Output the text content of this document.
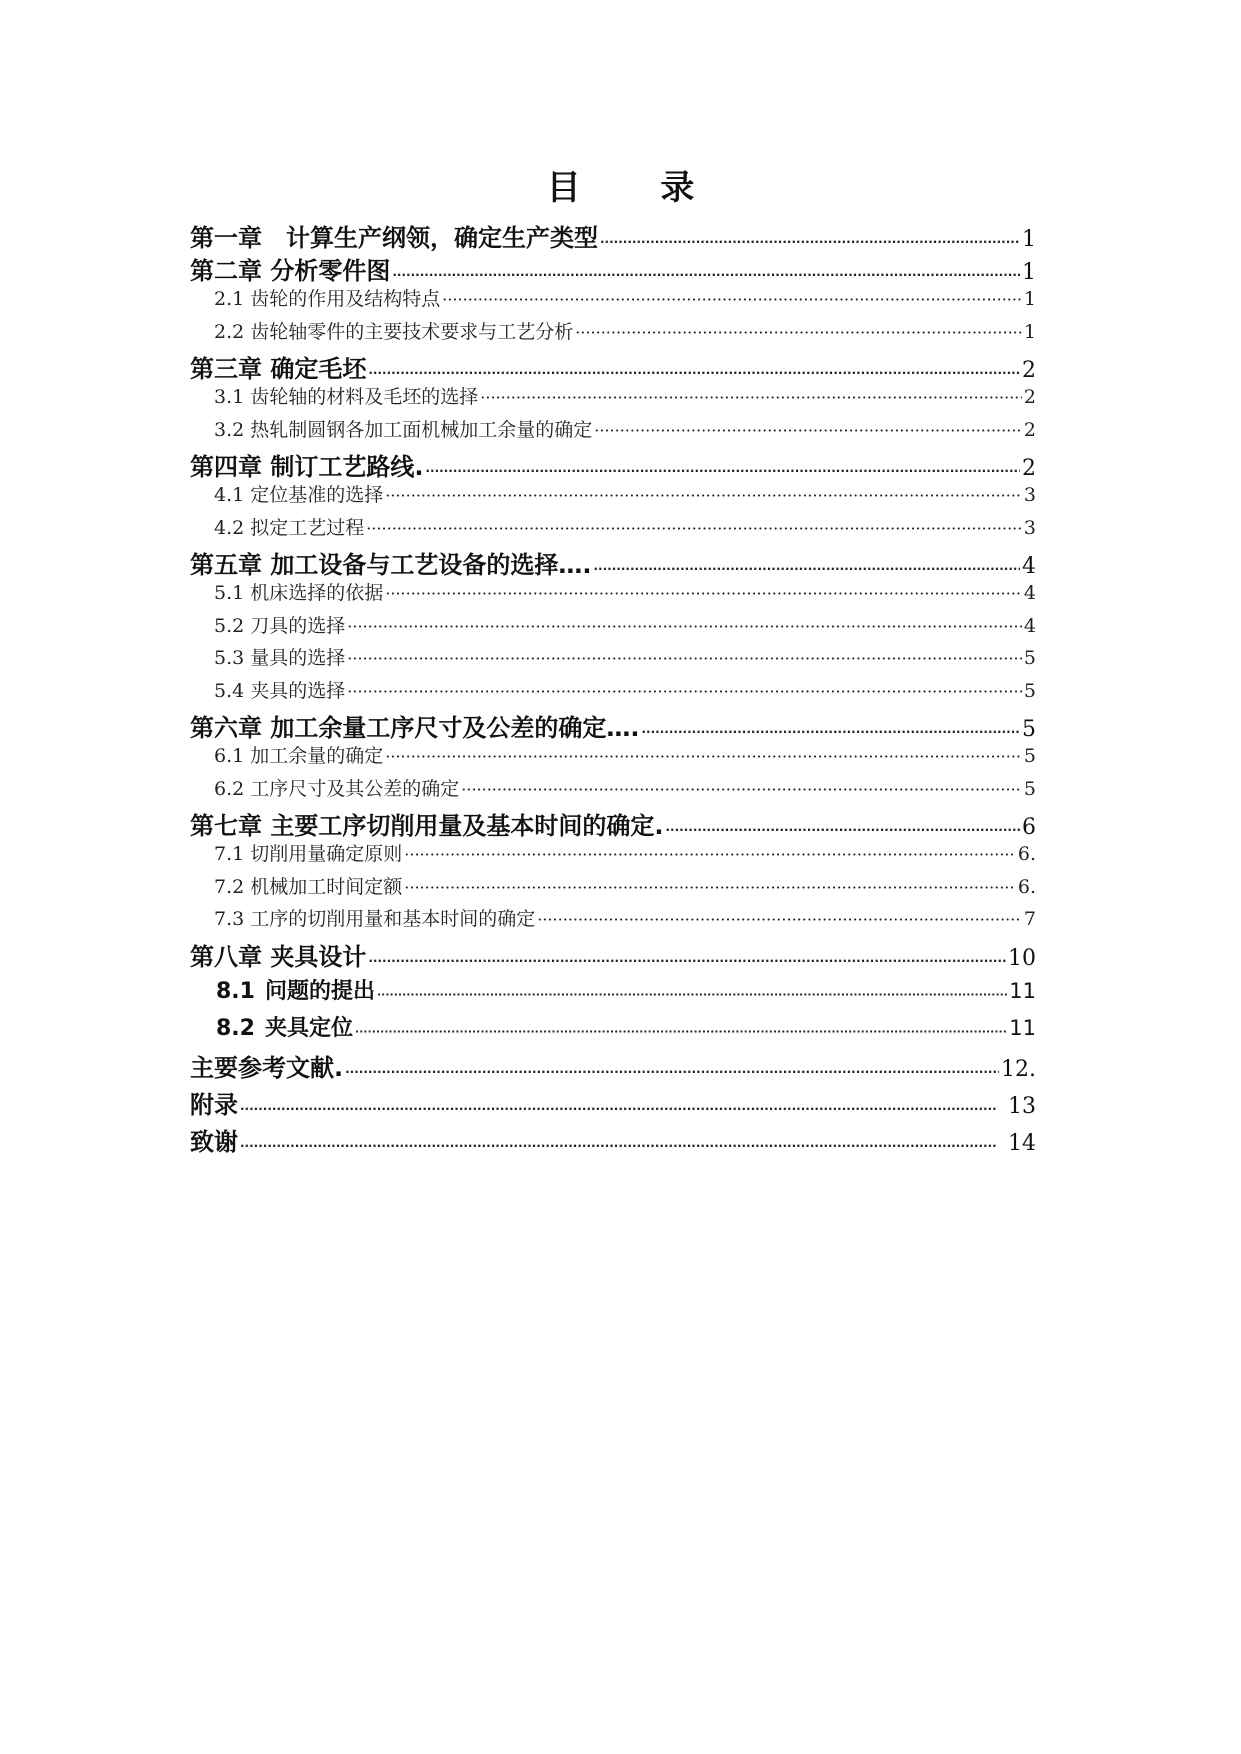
目 录
第一章　计算生产纲领，确定生产类型 ·····	1
第二章 分析零件图 ·····	1
2.1 齿轮的作用及结构特点 ·····	1
2.2 齿轮轴零件的主要技术要求与工艺分析 ·····	1
第三章 确定毛坯 ·····	2
3.1 齿轮轴的材料及毛坯的选择 ·····	2
3.2 热轧制圆钢各加工面机械加工余量的确定 ·····	2
第四章 制订工艺路线. ·····	2
4.1 定位基准的选择 ·····	3
4.2 拟定工艺过程 ·····	3
第五章 加工设备与工艺设备的选择…. ·····	4
5.1 机床选择的依据 ·····	4
5.2 刀具的选择 ·····	4
5.3 量具的选择 ·····	5
5.4 夹具的选择 ·····	5
第六章 加工余量工序尺寸及公差的确定…. ·····	5
6.1 加工余量的确定 ·····	5
6.2 工序尺寸及其公差的确定 ·····	5
第七章 主要工序切削用量及基本时间的确定. ·····	6
7.1 切削用量确定原则 ·····	6.
7.2 机械加工时间定额 ·····	6.
7.3 工序的切削用量和基本时间的确定 ·····	7
第八章 夹具设计 ·····	10
8.1 问题的提出 ·····	11
8.2 夹具定位 ·····	11
主要参考文献. ·····	12.
附录 ·····	13
致谢 ·····	14
